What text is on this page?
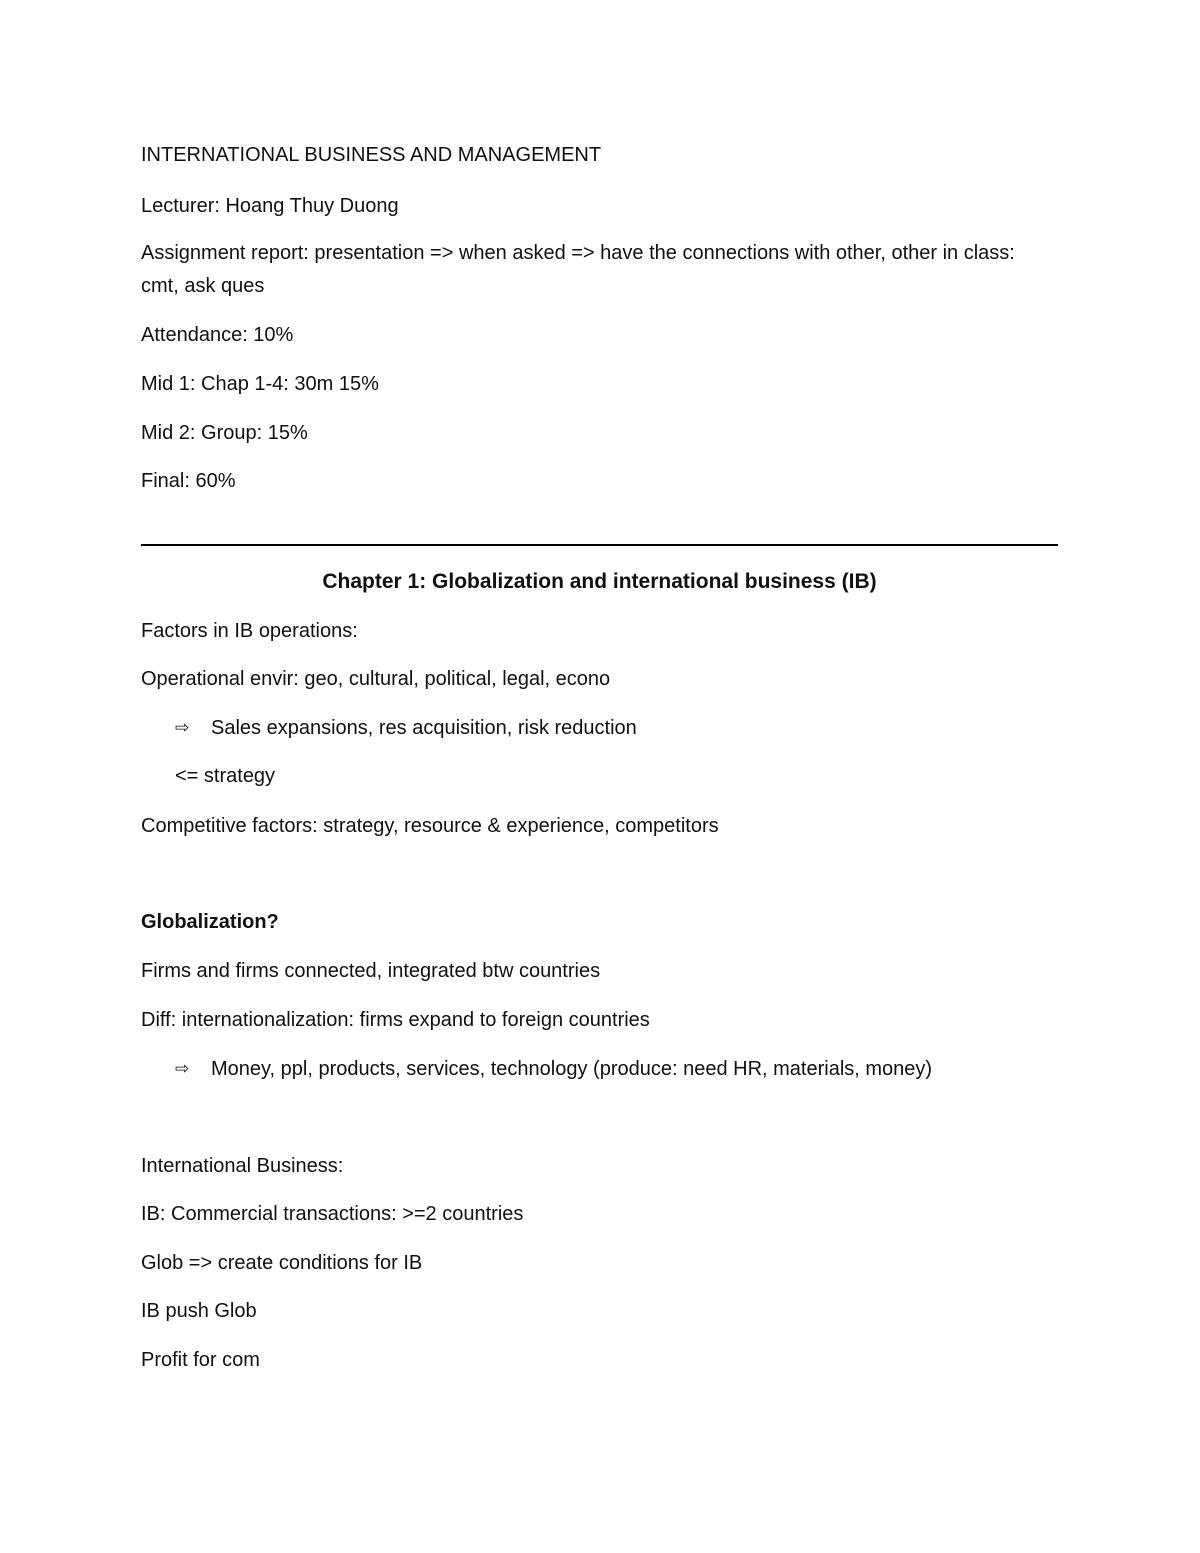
INTERNATIONAL BUSINESS AND MANAGEMENT

Lecturer: Hoang Thuy Duong

Assignment report: presentation => when asked => have the connections with other, other in class: cmt, ask ques

Attendance: 10%

Mid 1: Chap 1-4: 30m 15%

Mid 2: Group: 15%

Final: 60%

Chapter 1: Globalization and international business (IB)

Factors in IB operations:

Operational envir: geo, cultural, political, legal, econo

⇨ Sales expansions, res acquisition, risk reduction

<= strategy

Competitive factors: strategy, resource & experience, competitors

Globalization?

Firms and firms connected, integrated btw countries

Diff: internationalization: firms expand to foreign countries

⇨ Money, ppl, products, services, technology (produce: need HR, materials, money)

International Business:

IB: Commercial transactions: >=2 countries

Glob => create conditions for IB

IB push Glob

Profit for com
